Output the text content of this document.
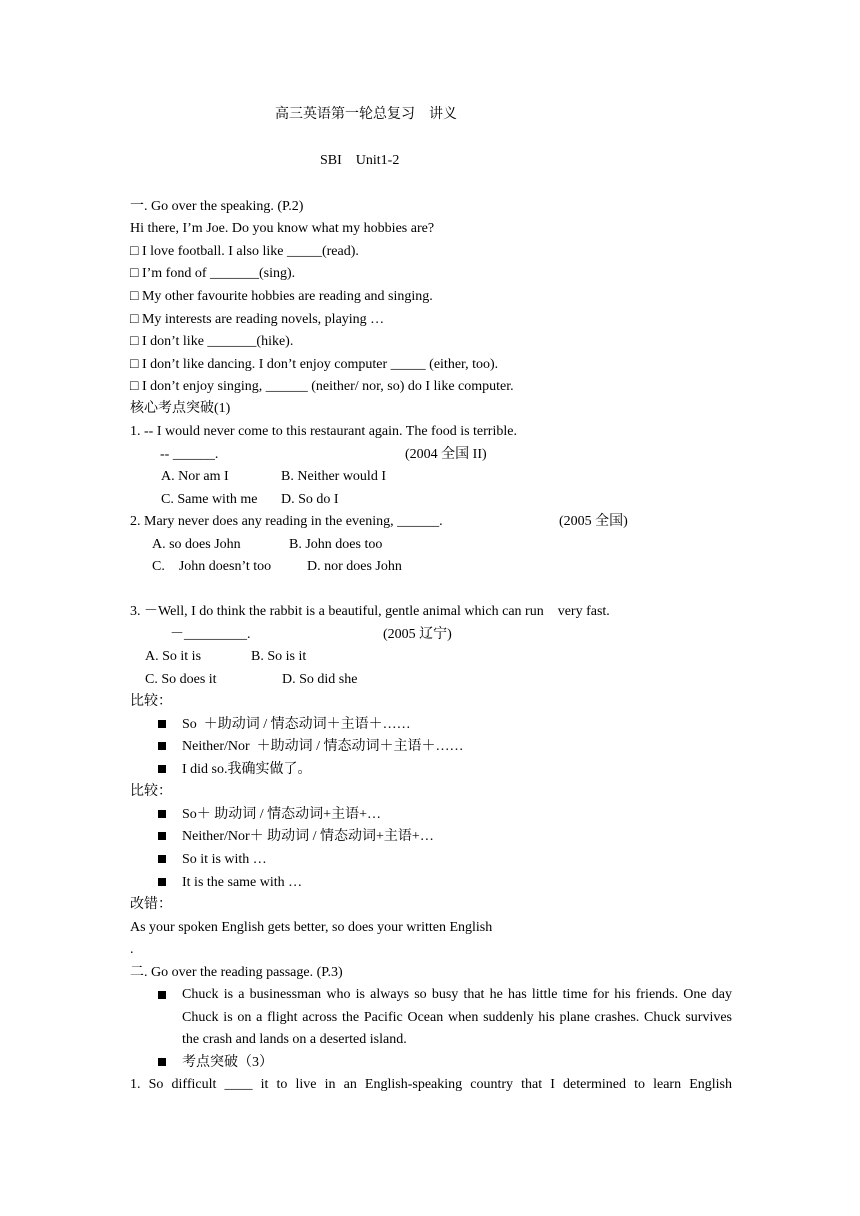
高三英语第一轮总复习　讲义
SBI　Unit1-2
一. Go over the speaking. (P.2)
Hi there, I’m Joe. Do you know what my hobbies are?
□ I love football. I also like _____(read).
□ I’m fond of _______(sing).
□ My other favourite hobbies are reading and singing.
□ My interests are reading novels, playing …
□ I don’t like _______(hike).
□ I don’t like dancing. I don’t enjoy computer _____ (either, too).
□ I don’t enjoy singing, ______ (neither/ nor, so) do I like computer.
核心考点突破(1)
1. -- I would never come to this restaurant again. The food is terrible.
-- ______.	(2004 全国 II)
A. Nor am I	B. Neither would I
C. Same with me D. So do I
2. Mary never does any reading in the evening, ______.	(2005 全国)
A. so does John	B. John does too
C.　John doesn’t too	D. nor does John
3. －Well, I do think the rabbit is a beautiful, gentle animal which can run　very fast.
－_________.	(2005 辽宁)
A. So it is	B. So is it
C. So does it	D. So did she
比较：
So  ＋助动词 / 情态动词＋主语＋……
Neither/Nor  ＋助动词 / 情态动词＋主语＋……
I did so.我确实做了。
比较：
So＋ 助动词 / 情态动词+主语+…
Neither/Nor＋ 助动词 / 情态动词+主语+…
So it is with …
It is the same with …
改错：
As your spoken English gets better, so does your written English
.
二. Go over the reading passage. (P.3)
Chuck is a businessman who is always so busy that he has little time for his friends. One day Chuck is on a flight across the Pacific Ocean when suddenly his plane crashes. Chuck survives the crash and lands on a deserted island.
考点突破（3）
1. So difficult ____ it to live in an English-speaking country that I determined to learn English
